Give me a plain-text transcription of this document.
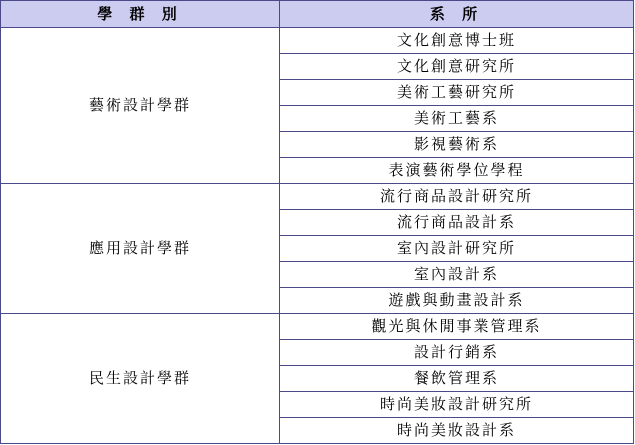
學 群 別	系 所
藝術設計學群	文化創意博士班
	文化創意研究所
	美術工藝研究所
	美術工藝系
	影視藝術系
	表演藝術學位學程
應用設計學群	流行商品設計研究所
	流行商品設計系
	室內設計研究所
	室內設計系
	遊戲與動畫設計系
民生設計學群	觀光與休閒事業管理系
	設計行銷系
	餐飲管理系
	時尚美妝設計研究所
	時尚美妝設計系
